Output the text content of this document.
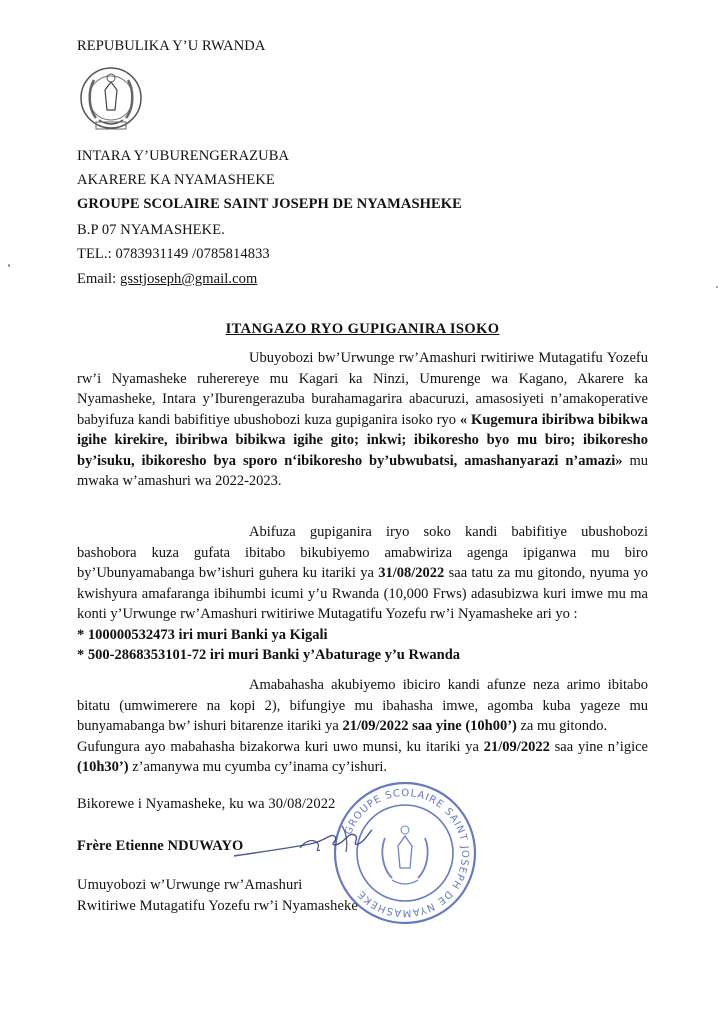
REPUBULIKA Y’U RWANDA
INTARA Y’UBURENGERAZUBA
AKARERE KA NYAMASHEKE
GROUPE SCOLAIRE SAINT JOSEPH DE NYAMASHEKE
B.P 07 NYAMASHEKE.
TEL.: 0783931149 /0785814833
Email: gsstjoseph@gmail.com
ITANGAZO RYO GUPIGANIRA ISOKO

Ubuyobozi bw’Urwunge rw’Amashuri rwitiriwe Mutagatifu Yozefu rw’i Nyamasheke ruherereye mu Kagari ka Ninzi, Umurenge wa Kagano, Akarere ka Nyamasheke, Intara y’Iburengerazuba burahamagarira abacuruzi, amasosiyeti n’amakoperative babyifuza kandi babifitiye ubushobozi kuza gupiganira isoko ryo « Kugemura ibiribwa bibikwa igihe kirekire, ibiribwa bibikwa igihe gito; inkwi; ibikoresho byo mu biro; ibikoresho by’isuku, ibikoresho bya sporo n‘ibikoresho by’ubwubatsi, amashanyarazi n’amazi» mu mwaka w’amashuri wa 2022-2023.

Abifuza gupiganira iryo soko kandi babifitiye ubushobozi bashobora kuza gufata ibitabo bikubiyemo amabwiriza agenga ipiganwa mu biro by’Ubunyamabanga bw’ishuri guhera ku itariki ya 31/08/2022 saa tatu za mu gitondo, nyuma yo kwishyura amafaranga ibihumbi icumi y’u Rwanda (10,000 Frws) adasubizwa kuri imwe mu ma konti y’Urwunge rw’Amashuri rwitiriwe Mutagatifu Yozefu rw’i Nyamasheke ari yo :

* 100000532473 iri muri Banki ya Kigali

* 500-2868353101-72 iri muri Banki y’Abaturage y’u Rwanda

Amabahasha akubiyemo ibiciro kandi afunze neza arimo ibitabo bitatu (umwimerere na kopi 2), bifungiye mu ibahasha imwe, agomba kuba yageze mu bunyamabanga bw’ ishuri bitarenze itariki ya 21/09/2022 saa yine (10h00’) za mu gitondo.

Gufungura ayo mabahasha bizakorwa kuri uwo munsi, ku itariki ya 21/09/2022 saa yine n’igice (10h30’) z’amanywa mu cyumba cy’inama cy’ishuri.

Bikorewe i Nyamasheke, ku wa 30/08/2022
Frère Etienne NDUWAYO
Umuyobozi w’Urwunge rw’Amashuri
Rwitiriwe Mutagatifu Yozefu rw’i Nyamasheke
GROUPE SCOLAIRE SAINT JOSEPH DE NYAMASHEKE
